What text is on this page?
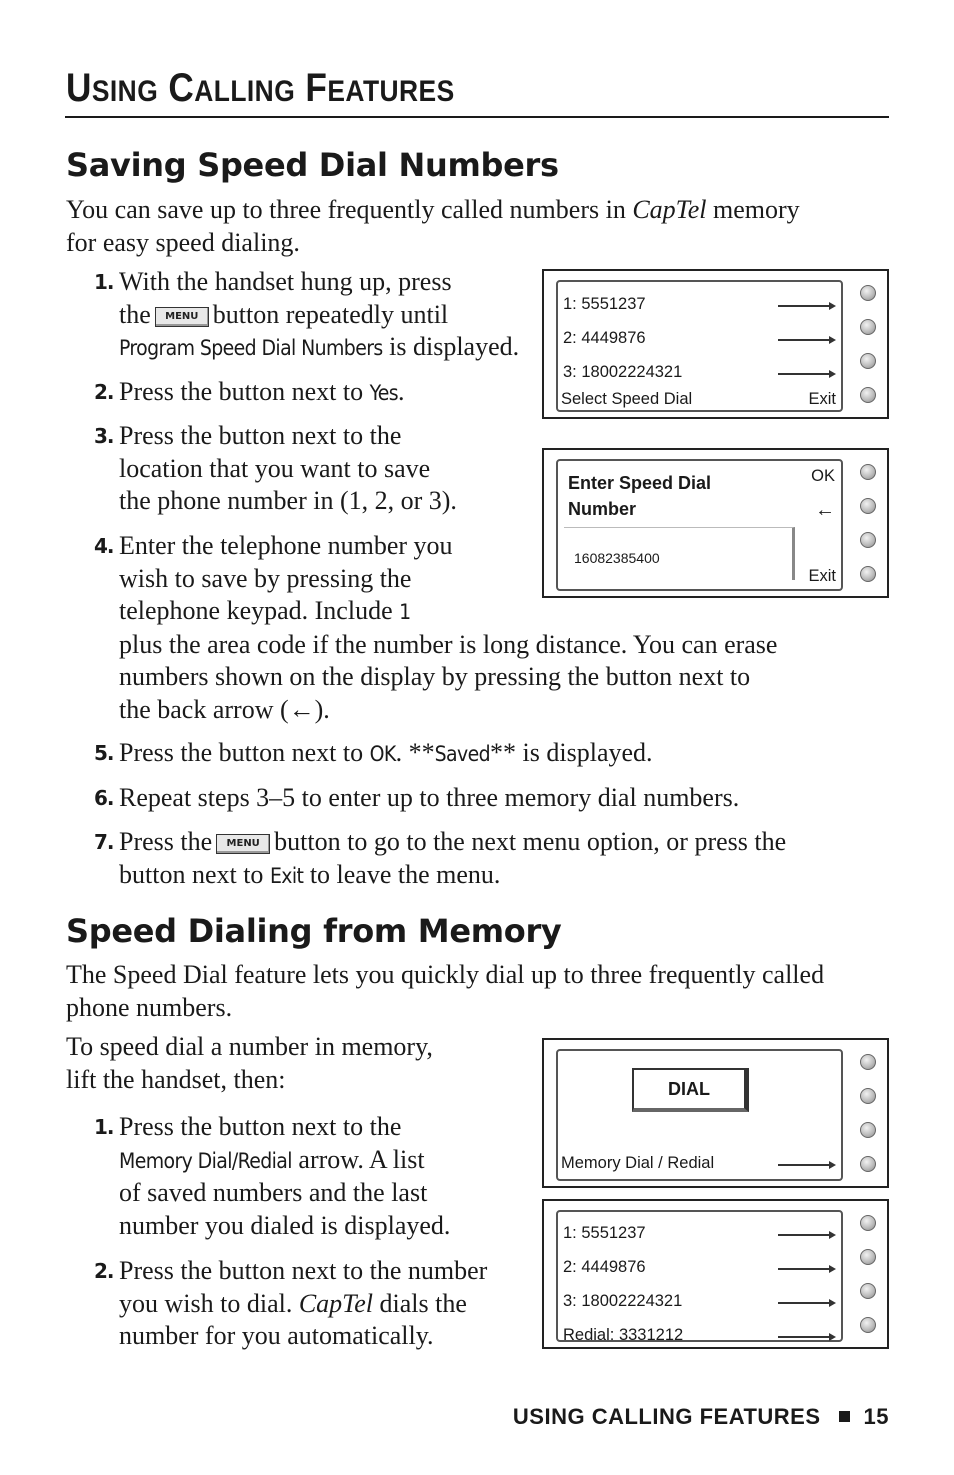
USING CALLING FEATURES
Saving Speed Dial Numbers
You can save up to three frequently called numbers in CapTel memory
for easy speed dialing.
1. With the handset hung up, press
the MENU button repeatedly until
Program Speed Dial Numbers is displayed.
2. Press the button next to Yes.
3. Press the button next to the
location that you want to save
the phone number in (1, 2, or 3).
4. Enter the telephone number you
wish to save by pressing the
telephone keypad. Include 1
plus the area code if the number is long distance. You can erase
numbers shown on the display by pressing the button next to
the back arrow (←).
5. Press the button next to OK. **Saved** is displayed.
6. Repeat steps 3–5 to enter up to three memory dial numbers.
7. Press the MENU button to go to the next menu option, or press the
button next to Exit to leave the menu.
Speed Dialing from Memory
The Speed Dial feature lets you quickly dial up to three frequently called
phone numbers.
To speed dial a number in memory,
lift the handset, then:
1. Press the button next to the
Memory Dial/Redial arrow. A list
of saved numbers and the last
number you dialed is displayed.
2. Press the button next to the number
you wish to dial. CapTel dials the
number for you automatically.
1: 5551237
2: 4449876
3: 18002224321
Select Speed Dial	Exit
Enter Speed Dial
Number
OK
←
16082385400
Exit
DIAL
Memory Dial / Redial
1: 5551237
2: 4449876
3: 18002224321
Redial: 3331212
USING CALLING FEATURES 15
